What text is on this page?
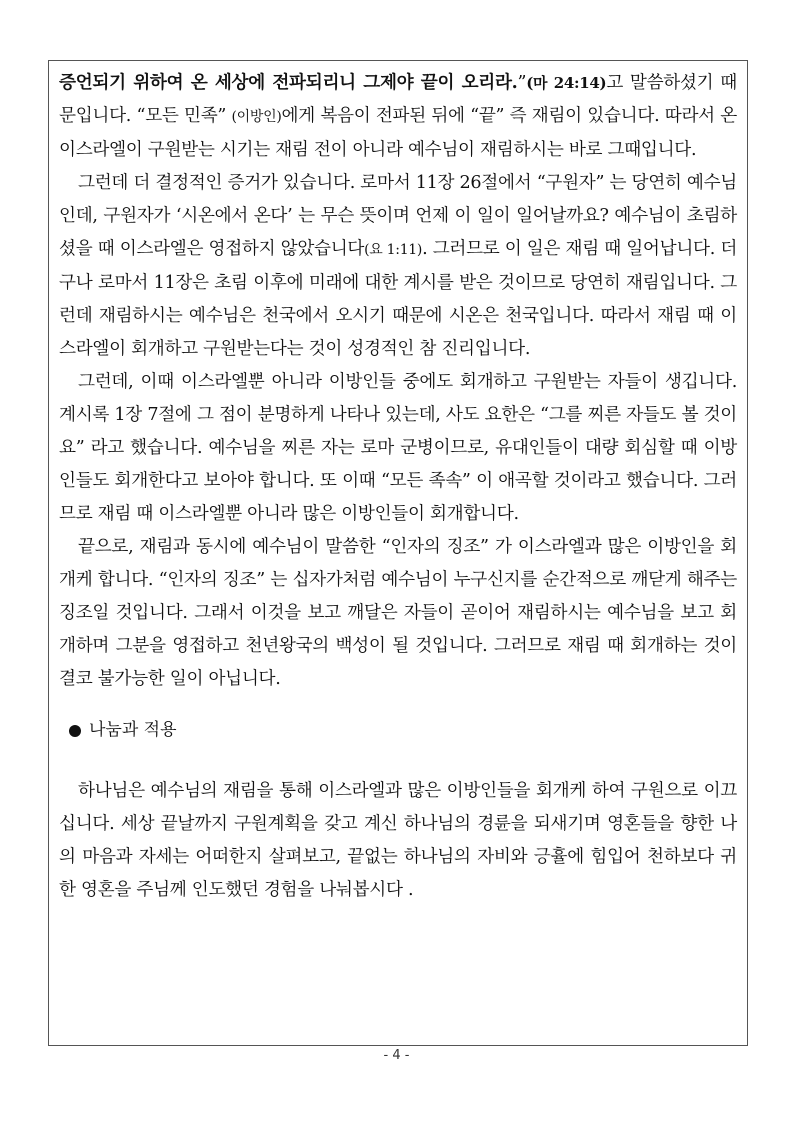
증언되기 위하여 온 세상에 전파되리니 그제야 끝이 오리라.”(마 24:14)고 말씀하셨기 때문입니다. “모든 민족” (이방인)에게 복음이 전파된 뒤에 “끝” 즉 재림이 있습니다. 따라서 온 이스라엘이 구원받는 시기는 재림 전이 아니라 예수님이 재림하시는 바로 그때입니다.

그런데 더 결정적인 증거가 있습니다. 로마서 11장 26절에서 “구원자” 는 당연히 예수님인데, 구원자가 ‘시온에서 온다’ 는 무슨 뜻이며 언제 이 일이 일어날까요? 예수님이 초림하셨을 때 이스라엘은 영접하지 않았습니다(요 1:11). 그러므로 이 일은 재림 때 일어납니다. 더구나 로마서 11장은 초림 이후에 미래에 대한 계시를 받은 것이므로 당연히 재림입니다. 그런데 재림하시는 예수님은 천국에서 오시기 때문에 시온은 천국입니다. 따라서 재림 때 이스라엘이 회개하고 구원받는다는 것이 성경적인 참 진리입니다.

그런데, 이때 이스라엘뿐 아니라 이방인들 중에도 회개하고 구원받는 자들이 생깁니다. 계시록 1장 7절에 그 점이 분명하게 나타나 있는데, 사도 요한은 “그를 찌른 자들도 볼 것이요” 라고 했습니다. 예수님을 찌른 자는 로마 군병이므로, 유대인들이 대량 회심할 때 이방인들도 회개한다고 보아야 합니다. 또 이때 “모든 족속” 이 애곡할 것이라고 했습니다. 그러므로 재림 때 이스라엘뿐 아니라 많은 이방인들이 회개합니다.

끝으로, 재림과 동시에 예수님이 말씀한 “인자의 징조” 가 이스라엘과 많은 이방인을 회개케 합니다. “인자의 징조” 는 십자가처럼 예수님이 누구신지를 순간적으로 깨닫게 해주는 징조일 것입니다. 그래서 이것을 보고 깨달은 자들이 곧이어 재림하시는 예수님을 보고 회개하며 그분을 영접하고 천년왕국의 백성이 될 것입니다. 그러므로 재림 때 회개하는 것이 결코 불가능한 일이 아닙니다.

나눔과 적용

하나님은 예수님의 재림을 통해 이스라엘과 많은 이방인들을 회개케 하여 구원으로 이끄십니다. 세상 끝날까지 구원계획을 갖고 계신 하나님의 경륜을 되새기며 영혼들을 향한 나의 마음과 자세는 어떠한지 살펴보고, 끝없는 하나님의 자비와 긍휼에 힘입어 천하보다 귀한 영혼을 주님께 인도했던 경험을 나눠봅시다 .

- 4 -
